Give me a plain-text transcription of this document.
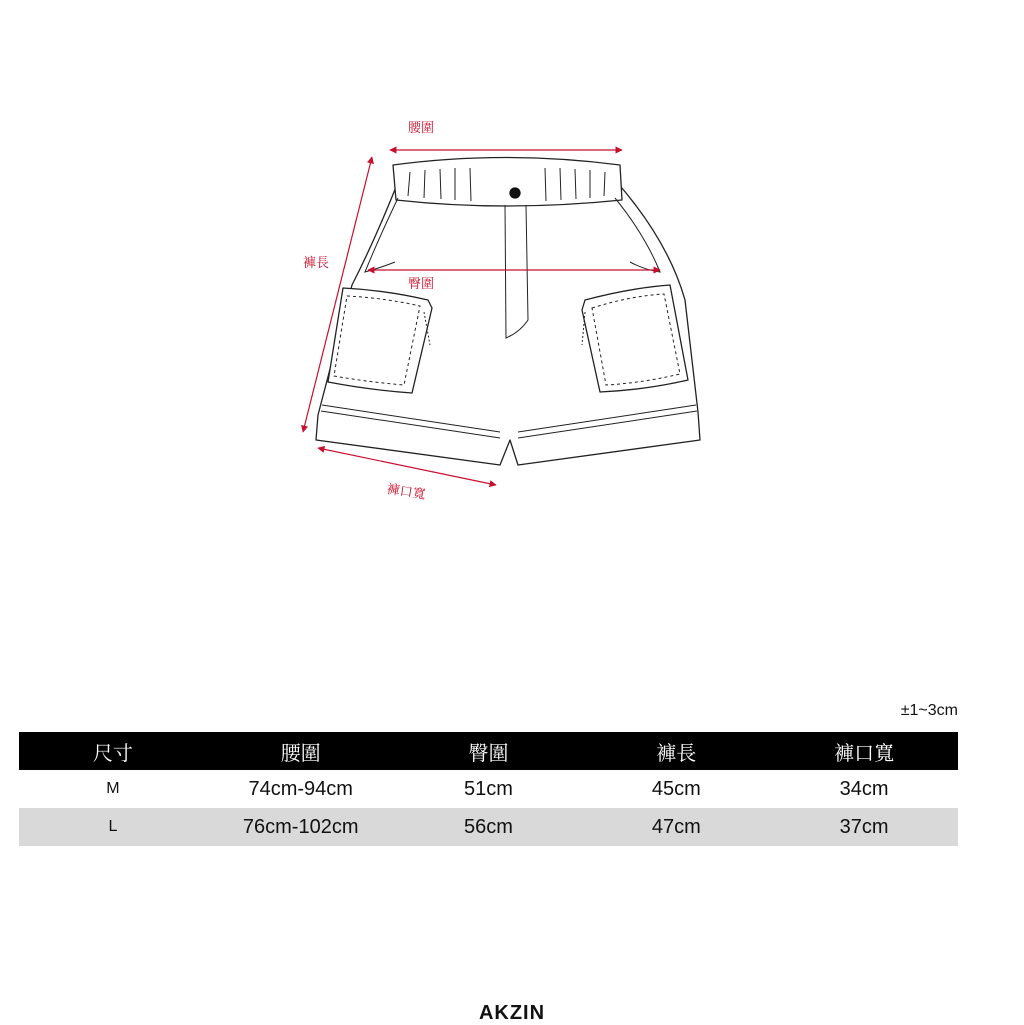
腰圍
臀圍
褲長
褲口寬
±1~3cm
尺寸	腰圍	臀圍	褲長	褲口寬
M	74cm-94cm	51cm	45cm	34cm
L	76cm-102cm	56cm	47cm	37cm
AKZIN
